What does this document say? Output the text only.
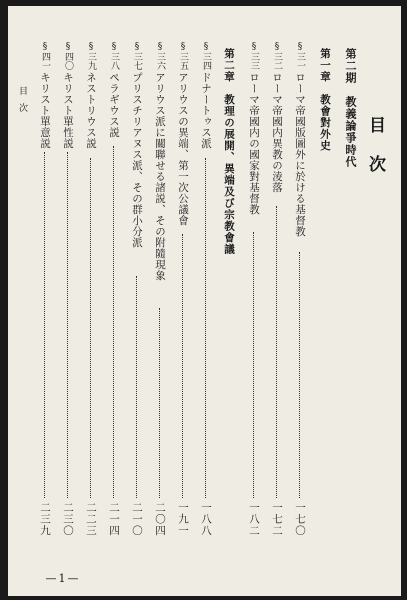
目次
第二期　教義論爭時代
第一章　教會對外史
§三一
ローマ帝國版圖外に於ける基督教
一七〇
§三二
ローマ帝國内異教の淩落
一七二
§三三
ローマ帝國内の國家對基督教
一八二
第二章　教理の展開、異端及び宗教會議
§三四
ドナートゥス派
一八八
§三五
アリウスの異端、第一次公議會
一九一
§三六
アリウス派に關聯せる諸説、その附隨現象
二〇四
§三七
プリスチリアヌス派、その群小分派
二一〇
§三八
ペラギウス説
二一四
§三九
ネストリウス説
二二三
§四〇
キリスト單性説
二三〇
§四一
キリスト單意説
二三九
目次
—1—
